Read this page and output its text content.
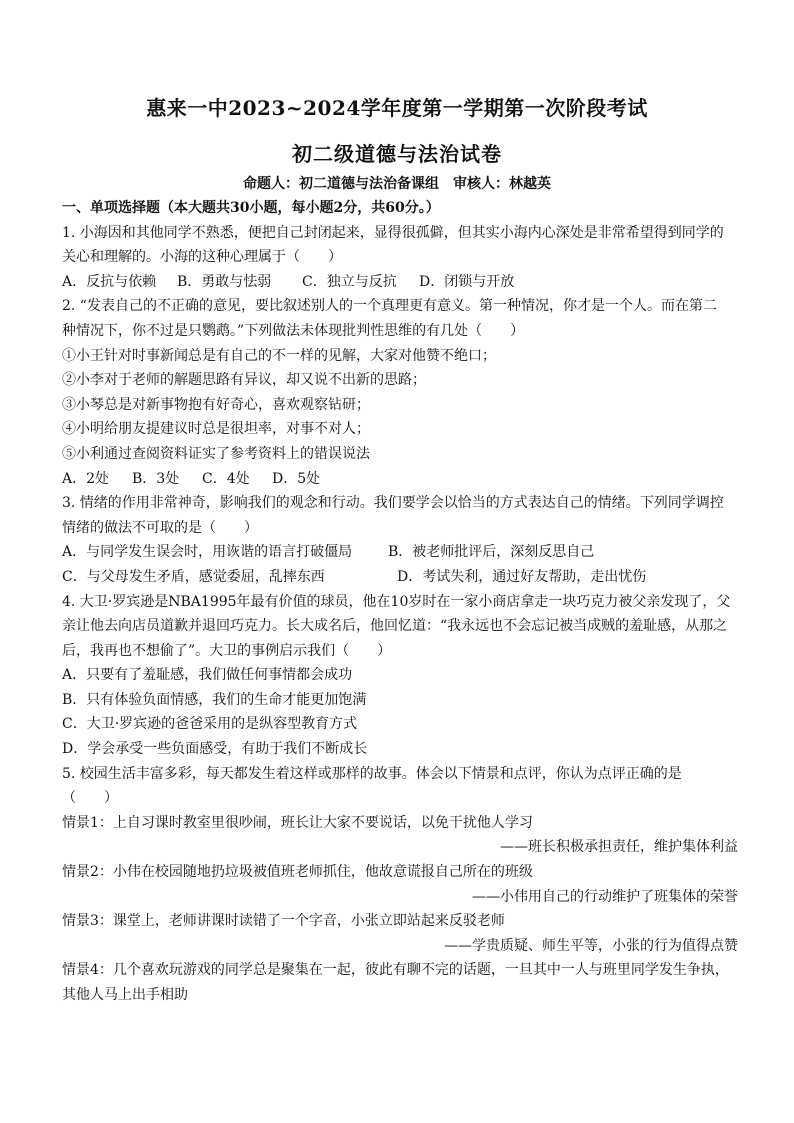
惠来一中2023~2024学年度第一学期第一次阶段考试
初二级道德与法治试卷
命题人：初二道德与法治备课组　审核人：林越英

一、单项选择题（本大题共30小题，每小题2分，共60分。）

1. 小海因和其他同学不熟悉，便把自己封闭起来，显得很孤僻，但其实小海内心深处是非常希望得到同学的

关心和理解的。小海的这种心理属于（　　）

A．反抗与依赖	B．勇敢与怯弱	C．独立与反抗	D．闭锁与开放

2. “发表自己的不正确的意见，要比叙述别人的一个真理更有意义。第一种情况，你才是一个人。而在第二

种情况下，你不过是只鹦鹉。”下列做法未体现批判性思维的有几处（　　）

①小王针对时事新闻总是有自己的不一样的见解，大家对他赞不绝口；

②小李对于老师的解题思路有异议，却又说不出新的思路；

③小琴总是对新事物抱有好奇心，喜欢观察钻研；

④小明给朋友提建议时总是很坦率，对事不对人；

⑤小利通过查阅资料证实了参考资料上的错误说法

A．2处	B．3处	C．4处	D．5处

3. 情绪的作用非常神奇，影响我们的观念和行动。我们要学会以恰当的方式表达自己的情绪。下列同学调控

情绪的做法不可取的是（　　）

A．与同学发生误会时，用诙谐的语言打破僵局	B．被老师批评后，深刻反思自己

C．与父母发生矛盾，感觉委屈，乱摔东西	D．考试失利，通过好友帮助，走出忧伤

4. 大卫·罗宾逊是NBA1995年最有价值的球员，他在10岁时在一家小商店拿走一块巧克力被父亲发现了，父

亲让他去向店员道歉并退回巧克力。长大成名后，他回忆道：“我永远也不会忘记被当成贼的羞耻感，从那之

后，我再也不想偷了”。大卫的事例启示我们（　　）

A．只要有了羞耻感，我们做任何事情都会成功

B．只有体验负面情感，我们的生命才能更加饱满

C．大卫·罗宾逊的爸爸采用的是纵容型教育方式

D．学会承受一些负面感受，有助于我们不断成长

5. 校园生活丰富多彩，每天都发生着这样或那样的故事。体会以下情景和点评，你认为点评正确的是

（　　）

情景1：上自习课时教室里很吵闹，班长让大家不要说话，以免干扰他人学习

——班长积极承担责任，维护集体利益

情景2：小伟在校园随地扔垃圾被值班老师抓住，他故意谎报自己所在的班级

——小伟用自己的行动维护了班集体的荣誉

情景3：课堂上，老师讲课时读错了一个字音，小张立即站起来反驳老师

——学贵质疑、师生平等，小张的行为值得点赞

情景4：几个喜欢玩游戏的同学总是聚集在一起，彼此有聊不完的话题，一旦其中一人与班里同学发生争执，

其他人马上出手相助
